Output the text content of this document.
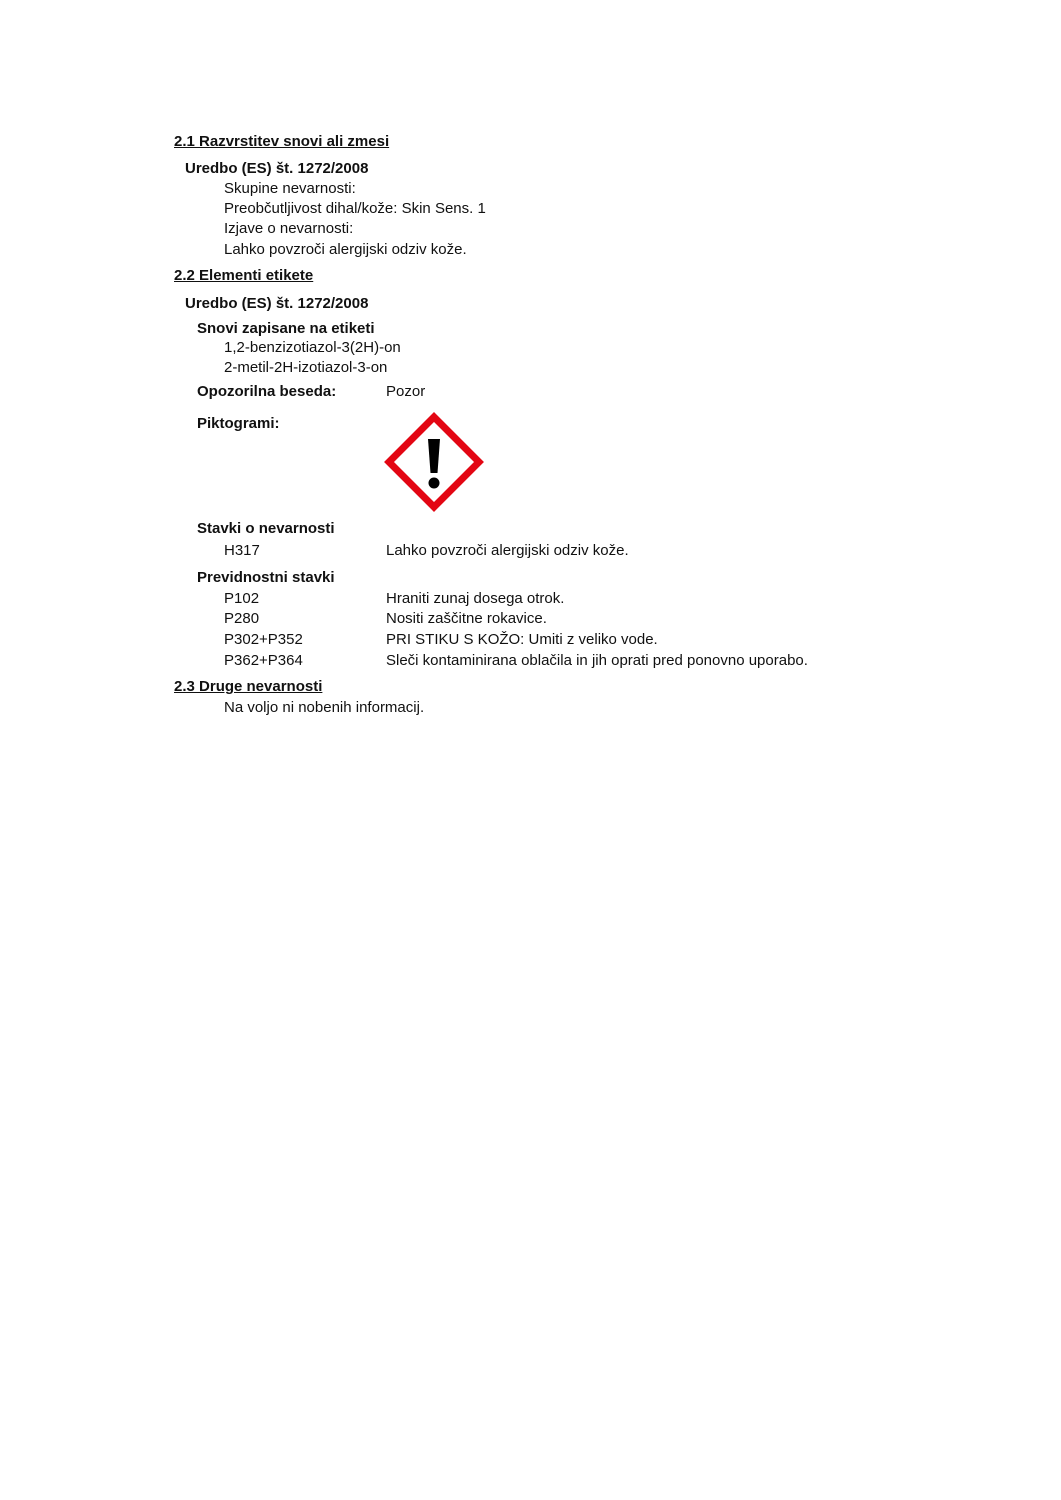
2.1 Razvrstitev snovi ali zmesi
Uredbo (ES) št. 1272/2008
Skupine nevarnosti:
Preobčutljivost dihal/kože: Skin Sens. 1
Izjave o nevarnosti:
Lahko povzroči alergijski odziv kože.
2.2 Elementi etikete
Uredbo (ES) št. 1272/2008
Snovi zapisane na etiketi
1,2-benzizotiazol-3(2H)-on
2-metil-2H-izotiazol-3-on
Opozorilna beseda:	Pozor
Piktogrami:
Stavki o nevarnosti
H317	Lahko povzroči alergijski odziv kože.
Previdnostni stavki
P102	Hraniti zunaj dosega otrok.
P280	Nositi zaščitne rokavice.
P302+P352	PRI STIKU S KOŽO: Umiti z veliko vode.
P362+P364	Sleči kontaminirana oblačila in jih oprati pred ponovno uporabo.
2.3 Druge nevarnosti
Na voljo ni nobenih informacij.
